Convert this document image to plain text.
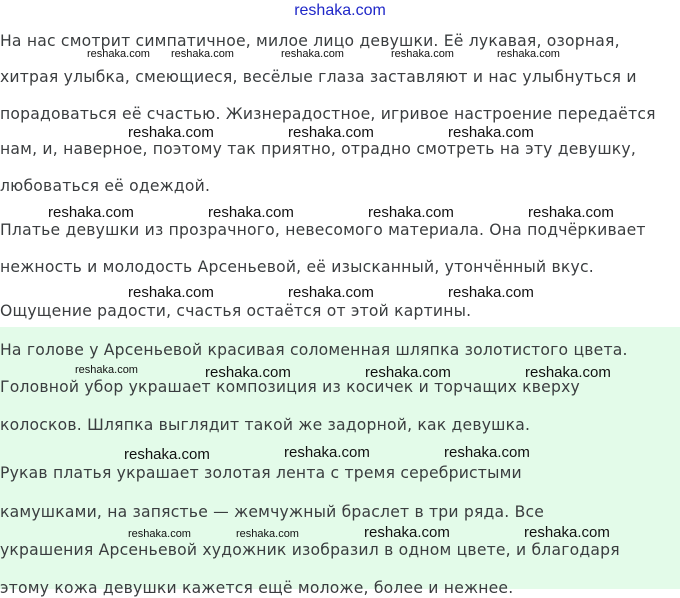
reshaka.com
На нас смотрит симпатичное, милое лицо девушки. Её лукавая, озорная,
хитрая улыбка, смеющиеся, весёлые глаза заставляют и нас улыбнуться и
порадоваться её счастью. Жизнерадостное, игривое настроение передаётся
нам, и, наверное, поэтому так приятно, отрадно смотреть на эту девушку,
любоваться её одеждой.
Платье девушки из прозрачного, невесомого материала. Она подчёркивает
нежность и молодость Арсеньевой, её изысканный, утончённый вкус.
Ощущение радости, счастья остаётся от этой картины.
На голове у Арсеньевой красивая соломенная шляпка золотистого цвета.
Головной убор украшает композиция из косичек и торчащих кверху
колосков. Шляпка выглядит такой же задорной, как девушка.
Рукав платья украшает золотая лента с тремя серебристыми
камушками, на запястье — жемчужный браслет в три ряда. Все
украшения Арсеньевой художник изобразил в одном цвете, и благодаря
этому кожа девушки кажется ещё моложе, более и нежнее.
reshaka.com reshaka.com	reshaka.com	reshaka.com	reshaka.com
reshaka.com	reshaka.com	reshaka.com
reshaka.com	reshaka.com	reshaka.com	reshaka.com
reshaka.com	reshaka.com	reshaka.com
reshaka.com	reshaka.com	reshaka.com	reshaka.com
reshaka.com	reshaka.com	reshaka.com
reshaka.com	reshaka.com	reshaka.com	reshaka.com
